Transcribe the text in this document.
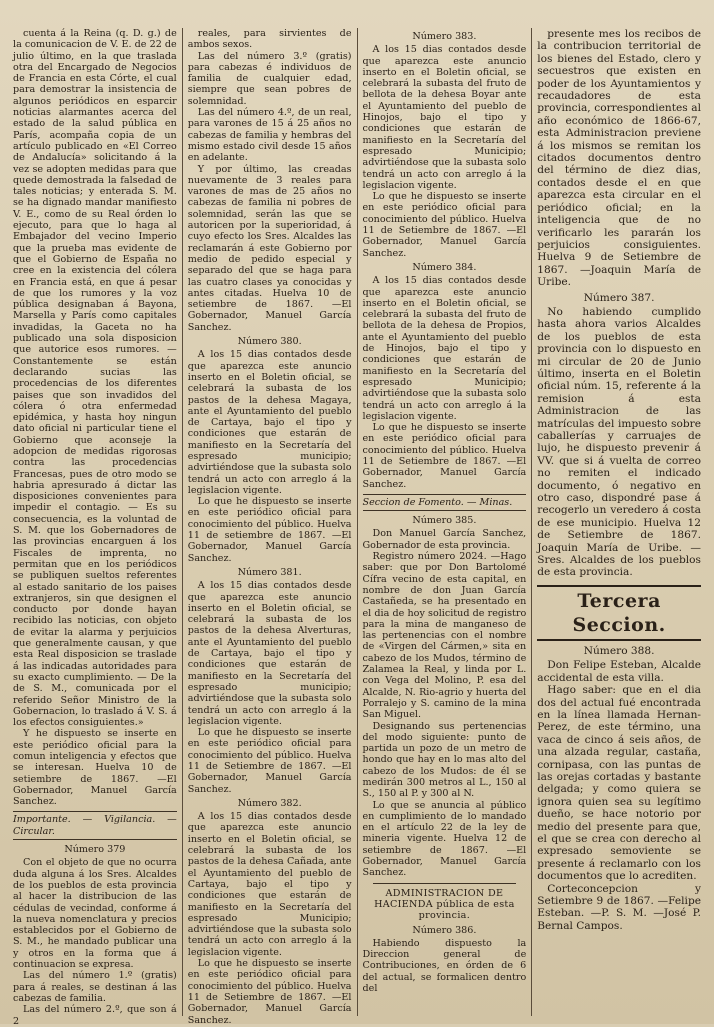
cuenta á la Reina (q. D. g.) de la comunicacion de V. E. de 22 de julio último, en la que traslada otra del Encargado de Negocios de Francia en esta Córte, el cual para demostrar la insistencia de algunos periódicos en esparcir noticias alarmantes acerca del estado de la salud pública en París, acompaña copia de un artículo publicado en «El Correo de Andalucía» solicitando á la vez se adopten medidas para que quede demostrada la falsedad de tales noticias; y enterada S. M. se ha dignado mandar manifiesto V. E., como de su Real órden lo ejecuto, para que lo haga al Embajador del vecino Imperio que la prueba mas evidente de que el Gobierno de España no cree en la existencia del cólera en Francia está, en que á pesar de que los rumores y la voz pública designaban á Bayona, Marsella y París como capitales invadidas, la Gaceta no ha publicado una sola disposicion que autorice esos rumores. —Constantemente se están declarando sucias las procedencias de los diferentes paises que son invadidos del cólera ó otra enfermedad epidémica, y hasta hoy ningun dato oficial ni particular tiene el Gobierno que aconseje la adopcion de medidas rigorosas contra las procedencias Francesas, pues de otro modo se habria apresurado á dictar las disposiciones convenientes para impedir el contagio. — Es su consecuencia, es la voluntad de S. M. que los Gobernadores de las provincias encarguen á los Fiscales de imprenta, no permitan que en los periódicos se publiquen sueltos referentes al estado sanitario de los paises extranjeros, sin que designen el conducto por donde hayan recibido las noticias, con objeto de evitar la alarma y perjuicios que generalmente causan, y que esta Real disposicion se traslade á las indicadas autoridades para su exacto cumplimiento. — De la de S. M., comunicada por el referido Señor Ministro de la Gobernacion, lo traslado á V. S. á los efectos consiguientes.»

Y he dispuesto se inserte en este periódico oficial para la comun inteligencia y efectos que se interesan. Huelva 10 de setiembre de 1867. —El Gobernador, Manuel García Sanchez.

Importante. — Vigilancia. — Circular.

Número 379

Con el objeto de que no ocurra duda alguna á los Sres. Alcaldes de los pueblos de esta provincia al hacer la distribucion de las cédulas de vecindad, conforme á la nueva nomenclatura y precios establecidos por el Gobierno de S. M., he mandado publicar una y otros en la forma que á continuacion se expresa.

Las del número 1.º (gratis) para á reales, se destinan á las cabezas de familia.

Las del número 2.º, que son á 2

reales, para sirvientes de ambos sexos.

Las del número 3.º (gratis) para cabezas é individuos de familia de cualquier edad, siempre que sean pobres de solemnidad.

Las del número 4.º, de un real, para varones de 15 á 25 años no cabezas de familia y hembras del mismo estado civil desde 15 años en adelante.

Y por último, las creadas nuevamente de 3 reales para varones de mas de 25 años no cabezas de familia ni pobres de solemnidad, serán las que se autoricen por la superioridad, á cuyo efecto los Sres. Alcaldes las reclamarán á este Gobierno por medio de pedido especial y separado del que se haga para las cuatro clases ya conocidas y antes citadas. Huelva 10 de setiembre de 1867. —El Gobernador, Manuel García Sanchez.

Número 380.

A los 15 dias contados desde que aparezca este anuncio inserto en el Boletin oficial, se celebrará la subasta de los pastos de la dehesa Magaya, ante el Ayuntamiento del pueblo de Cartaya, bajo el tipo y condiciones que estarán de manifiesto en la Secretaría del espresado municipio; advirtiéndose que la subasta solo tendrá un acto con arreglo á la legislacion vigente.

Lo que he dispuesto se inserte en este periódico oficial para conocimiento del público. Huelva 11 de setiembre de 1867. —El Gobernador, Manuel García Sanchez.

Número 381.

A los 15 dias contados desde que aparezca este anuncio inserto en el Boletin oficial, se celebrará la subasta de los pastos de la dehesa Alverturas, ante el Ayuntamiento del pueblo de Cartaya, bajo el tipo y condiciones que estarán de manifiesto en la Secretaría del espresado municipio; advirtiéndose que la subasta solo tendrá un acto con arreglo á la legislacion vigente.

Lo que he dispuesto se inserte en este periódico oficial para conocimiento del público. Huelva 11 de Setiembre de 1867. —El Gobernador, Manuel García Sanchez.

Número 382.

A los 15 dias contados desde que aparezca este anuncio inserto en el Boletin oficial, se celebrará la subasta de los pastos de la dehesa Cañada, ante el Ayuntamiento del pueblo de Cartaya, bajo el tipo y condiciones que estarán de manifiesto en la Secretaría del espresado Municipio; advirtiéndose que la subasta solo tendrá un acto con arreglo á la legislacion vigente.

Lo que he dispuesto se inserte en este periódico oficial para conocimiento del público. Huelva 11 de Setiembre de 1867. —El Gobernador, Manuel García Sanchez.

Número 383.

A los 15 dias contados desde que aparezca este anuncio inserto en el Boletin oficial, se celebrará la subasta del fruto de bellota de la dehesa Boyar ante el Ayuntamiento del pueblo de Hinojos, bajo el tipo y condiciones que estarán de manifiesto en la Secretaría del espresado Municipio; advirtiéndose que la subasta solo tendrá un acto con arreglo á la legislacion vigente.

Lo que he dispuesto se inserte en este periódico oficial para conocimiento del público. Huelva 11 de Setiembre de 1867. —El Gobernador, Manuel García Sanchez.

Número 384.

A los 15 dias contados desde que aparezca este anuncio inserto en el Boletin oficial, se celebrará la subasta del fruto de bellota de la dehesa de Propios, ante el Ayuntamiento del pueblo de Hinojos, bajo el tipo y condiciones que estarán de manifiesto en la Secretaría del espresado Municipio; advirtiéndose que la subasta solo tendrá un acto con arreglo á la legislacion vigente.

Lo que he dispuesto se inserte en este periódico oficial para conocimiento del público. Huelva 11 de Setiembre de 1867. —El Gobernador, Manuel García Sanchez.

Seccion de Fomento. — Minas.

Número 385.

Don Manuel García Sanchez, Gobernador de esta provincia.

Registro número 2024. —Hago saber: que por Don Bartolomé Cífra vecino de esta capital, en nombre de don Juan García Castañeda, se ha presentado en el dia de hoy solicitud de registro para la mina de manganeso de las pertenencias con el nombre de «Virgen del Cármen,» sita en cabezo de los Mudos, término de Zalamea la Real, y linda por L. con Vega del Molino, P. esa del Alcalde, N. Rio-agrio y huerta del Porralejo y S. camino de la mina San Miguel.

Designando sus pertenencias del modo siguiente: punto de partida un pozo de un metro de hondo que hay en lo mas alto del cabezo de los Mudos: de él se medirán 300 metros al L., 150 al S., 150 al P. y 300 al N.

Lo que se anuncia al público en cumplimiento de lo mandado en el artículo 22 de la ley de mineria vigente. Huelva 12 de setiembre de 1867. —El Gobernador, Manuel García Sanchez.

ADMINISTRACION DE HACIENDA pública de esta provincia.

Número 386.

Habiendo dispuesto la Direccion general de Contribuciones, en órden de 6 del actual, se formalicen dentro del

presente mes los recibos de la contribucion territorial de los bienes del Estado, clero y secuestros que existen en poder de los Ayuntamientos y recaudadores de esta provincia, correspondientes al año económico de 1866-67, esta Administracion previene á los mismos se remitan los citados documentos dentro del término de diez dias, contados desde el en que aparezca esta circular en el periódico oficial; en la inteligencia que de no verificarlo les pararán los perjuicios consiguientes. Huelva 9 de Setiembre de 1867. —Joaquin María de Uribe.

Número 387.

No habiendo cumplido hasta ahora varios Alcaldes de los pueblos de esta provincia con lo dispuesto en mi circular de 20 de Junio último, inserta en el Boletin oficial núm. 15, referente á la remision á esta Administracion de las matrículas del impuesto sobre caballerías y carruajes de lujo, he dispuesto prevenir á VV. que si á vuelta de correo no remiten el indicado documento, ó negativo en otro caso, dispondré pase á recogerlo un veredero á costa de ese municipio. Huelva 12 de Setiembre de 1867. Joaquin María de Uribe. —Sres. Alcaldes de los pueblos de esta provincia.

Tercera Seccion.

Número 388.

Don Felipe Esteban, Alcalde accidental de esta villa.

Hago saber: que en el dia dos del actual fué encontrada en la línea llamada Hernan-Perez, de este término, una vaca de cinco á seis años, de una alzada regular, castaña, cornipasa, con las puntas de las orejas cortadas y bastante delgada; y como quiera se ignora quien sea su legítimo dueño, se hace notorio por medio del presente para que, el que se crea con derecho al expresado semoviente se presente á reclamarlo con los documentos que lo acrediten.

Corteconcepcion y Setiembre 9 de 1867. —Felipe Esteban. —P. S. M. —José P. Bernal Campos.
